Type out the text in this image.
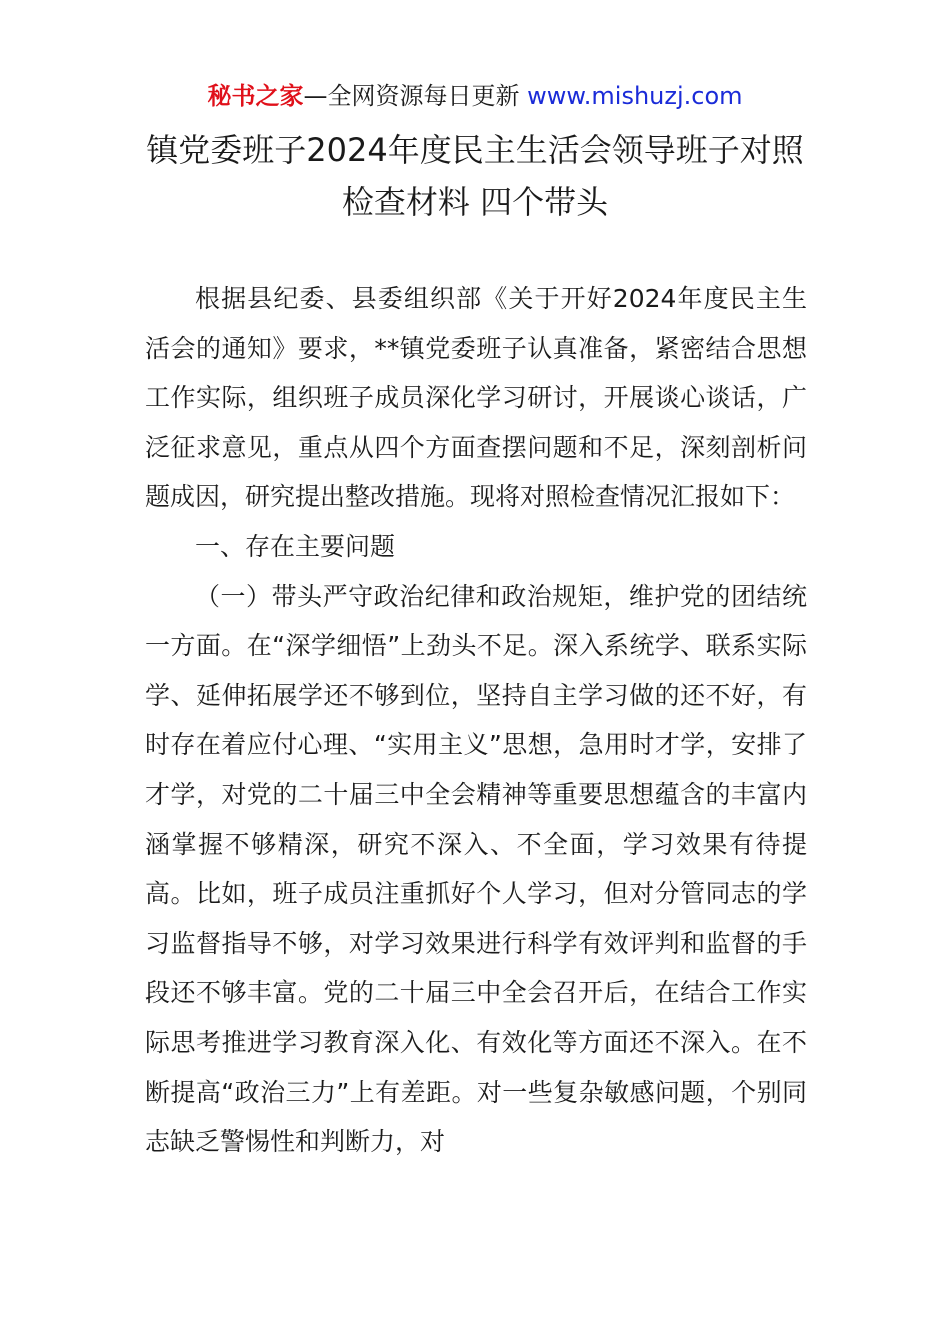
秘书之家—全网资源每日更新 www.mishuzj.com
镇党委班子2024年度民主生活会领导班子对照
检查材料 四个带头

根据县纪委、县委组织部《关于开好2024年度民主生活会的通知》要求，**镇党委班子认真准备，紧密结合思想工作实际，组织班子成员深化学习研讨，开展谈心谈话，广泛征求意见，重点从四个方面查摆问题和不足，深刻剖析问题成因，研究提出整改措施。现将对照检查情况汇报如下：

一、存在主要问题

（一）带头严守政治纪律和政治规矩，维护党的团结统一方面。在“深学细悟”上劲头不足。深入系统学、联系实际学、延伸拓展学还不够到位，坚持自主学习做的还不好，有时存在着应付心理、“实用主义”思想，急用时才学，安排了才学，对党的二十届三中全会精神等重要思想蕴含的丰富内涵掌握不够精深，研究不深入、不全面，学习效果有待提高。比如，班子成员注重抓好个人学习，但对分管同志的学习监督指导不够，对学习效果进行科学有效评判和监督的手段还不够丰富。党的二十届三中全会召开后，在结合工作实际思考推进学习教育深入化、有效化等方面还不深入。在不断提高“政治三力”上有差距。对一些复杂敏感问题，个别同志缺乏警惕性和判断力，对
